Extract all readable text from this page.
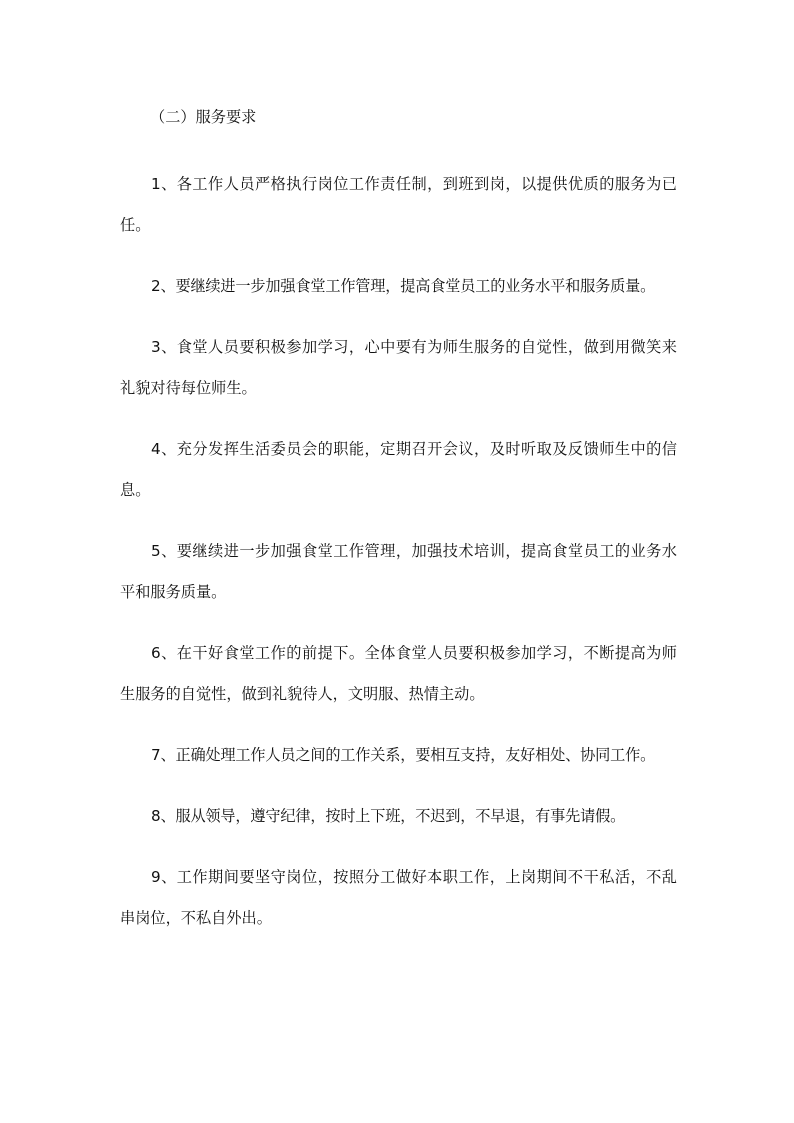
（二）服务要求

1、各工作人员严格执行岗位工作责任制，到班到岗，以提供优质的服务为已任。

2、要继续进一步加强食堂工作管理，提高食堂员工的业务水平和服务质量。

3、食堂人员要积极参加学习，心中要有为师生服务的自觉性，做到用微笑来礼貌对待每位师生。

4、充分发挥生活委员会的职能，定期召开会议，及时听取及反馈师生中的信息。

5、要继续进一步加强食堂工作管理，加强技术培训，提高食堂员工的业务水平和服务质量。

6、在干好食堂工作的前提下。全体食堂人员要积极参加学习，不断提高为师生服务的自觉性，做到礼貌待人，文明服、热情主动。

7、正确处理工作人员之间的工作关系，要相互支持，友好相处、协同工作。

8、服从领导，遵守纪律，按时上下班，不迟到，不早退，有事先请假。

9、工作期间要坚守岗位，按照分工做好本职工作，上岗期间不干私活，不乱串岗位，不私自外出。
